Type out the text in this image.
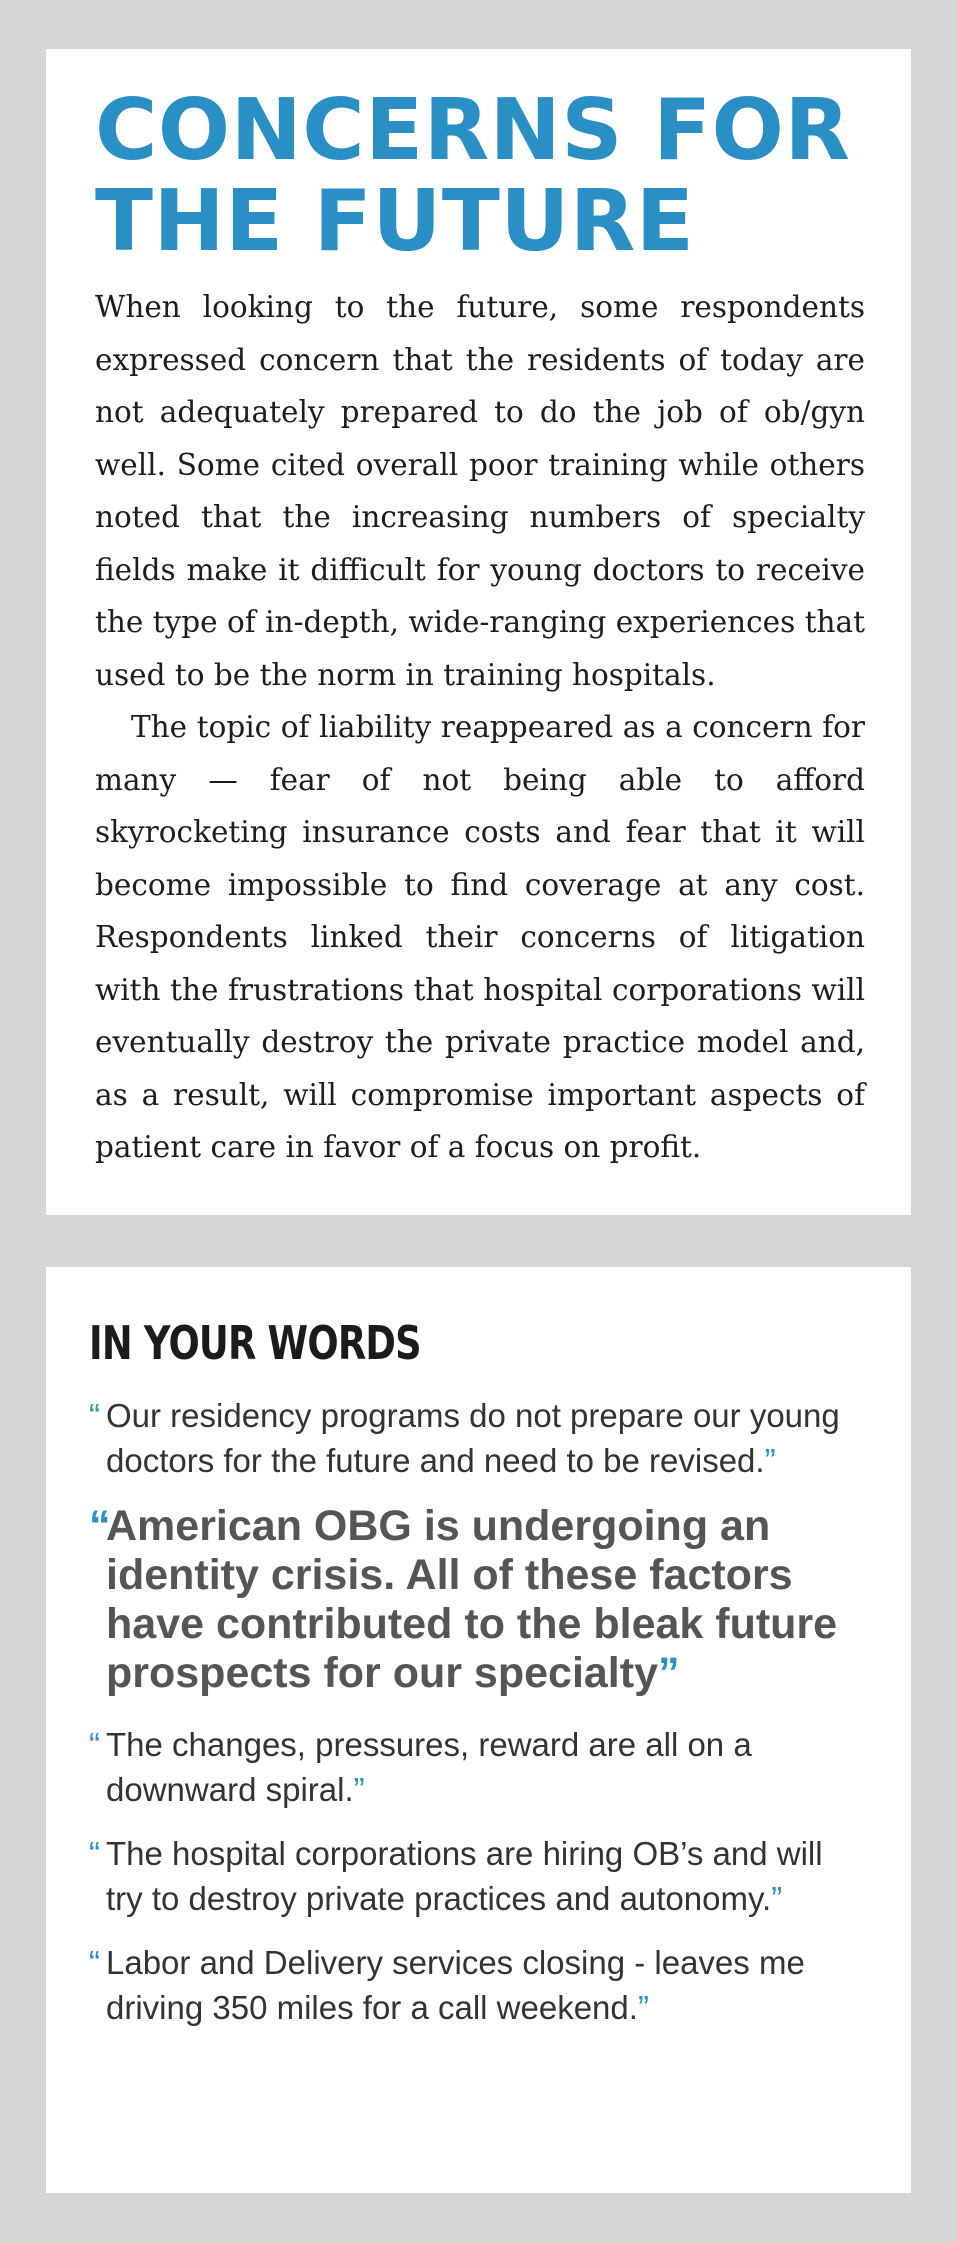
CONCERNS FOR THE FUTURE

When looking to the future, some respondents expressed concern that the residents of today are not adequately prepared to do the job of ob/gyn well. Some cited overall poor training while others noted that the increasing numbers of specialty fields make it difficult for young doctors to receive the type of in-depth, wide-ranging experiences that used to be the norm in training hospitals.

The topic of liability reappeared as a concern for many — fear of not being able to afford skyrocketing insurance costs and fear that it will become impossible to find coverage at any cost. Respondents linked their concerns of litigation with the frustrations that hospital corporations will eventually destroy the private practice model and, as a result, will compromise important aspects of patient care in favor of a focus on profit.

IN YOUR WORDS

“ Our residency programs do not prepare our young doctors for the future and need to be revised.”

“
American OBG is undergoing an identity crisis. All of these factors have contributed to the bleak future prospects for our specialty”

“ The changes, pressures, reward are all on a downward spiral.”

“ The hospital corporations are hiring OB’s and will try to destroy private practices and autonomy.”

“ Labor and Delivery services closing - leaves me driving 350 miles for a call weekend.”
